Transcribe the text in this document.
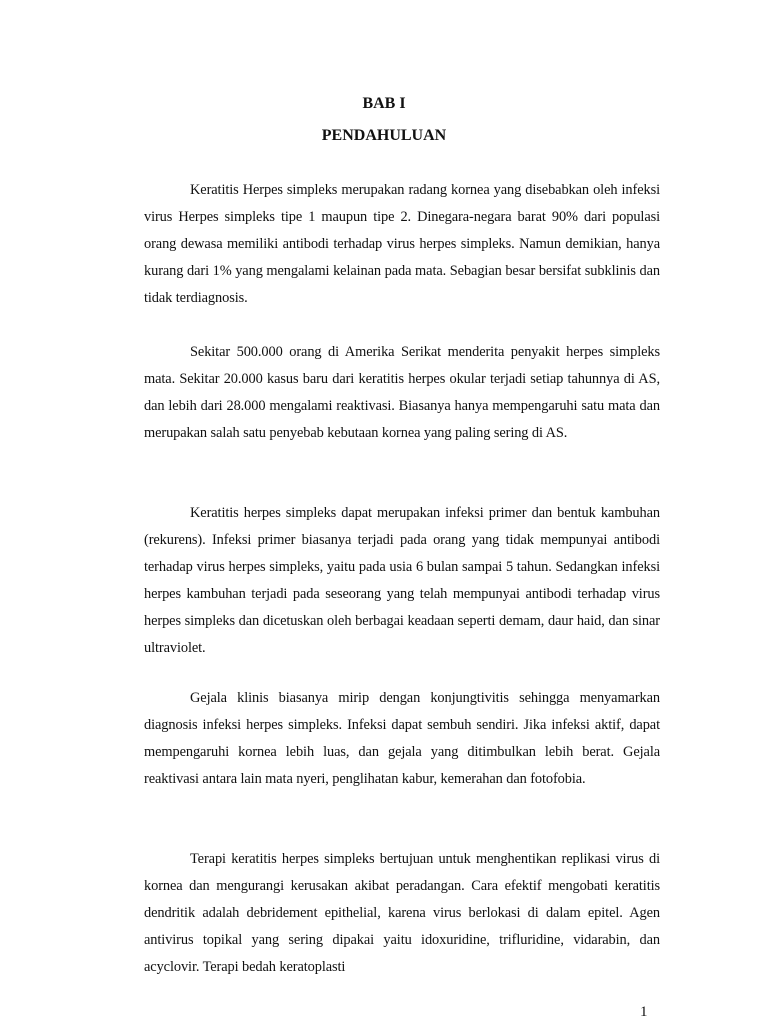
BAB I
PENDAHULUAN

Keratitis Herpes simpleks merupakan radang kornea yang disebabkan oleh infeksi virus Herpes simpleks tipe 1 maupun tipe 2. Dinegara-negara barat 90% dari populasi orang dewasa memiliki antibodi terhadap virus herpes simpleks. Namun demikian, hanya kurang dari 1% yang mengalami kelainan pada mata. Sebagian besar bersifat subklinis dan tidak terdiagnosis.

Sekitar 500.000 orang di Amerika Serikat menderita penyakit herpes simpleks mata. Sekitar 20.000 kasus baru dari keratitis herpes okular terjadi setiap tahunnya di AS, dan lebih dari 28.000 mengalami reaktivasi. Biasanya hanya mempengaruhi satu mata dan merupakan salah satu penyebab kebutaan kornea yang paling sering di AS.

Keratitis herpes simpleks dapat merupakan infeksi primer dan bentuk kambuhan (rekurens). Infeksi primer biasanya terjadi pada orang yang tidak mempunyai antibodi terhadap virus herpes simpleks, yaitu pada usia 6 bulan sampai 5 tahun. Sedangkan infeksi herpes kambuhan terjadi pada seseorang yang telah mempunyai antibodi terhadap virus herpes simpleks dan dicetuskan oleh berbagai keadaan seperti demam, daur haid, dan sinar ultraviolet.

Gejala klinis biasanya mirip dengan konjungtivitis sehingga menyamarkan diagnosis infeksi herpes simpleks. Infeksi dapat sembuh sendiri. Jika infeksi aktif, dapat mempengaruhi kornea lebih luas, dan gejala yang ditimbulkan lebih berat. Gejala reaktivasi antara lain mata nyeri, penglihatan kabur, kemerahan dan fotofobia.

Terapi keratitis herpes simpleks bertujuan untuk menghentikan replikasi virus di kornea dan mengurangi kerusakan akibat peradangan. Cara efektif mengobati keratitis dendritik adalah debridement epithelial, karena virus berlokasi di dalam epitel. Agen antivirus topikal yang sering dipakai yaitu idoxuridine, trifluridine, vidarabin, dan acyclovir. Terapi bedah keratoplasti

1
